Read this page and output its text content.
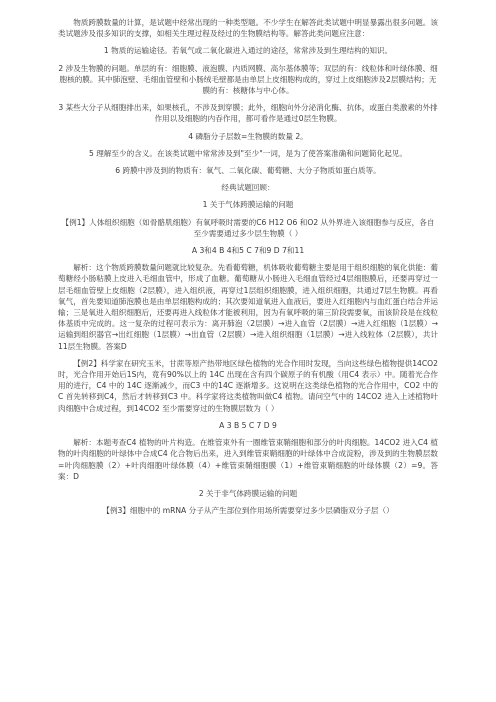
物质跨膜数量的计算，是试题中经常出现的一种类型题。不少学生在解答此类试题中明显暴露出很多问题。该类试题涉及很多知识的支撑，如相关生理过程及经过的生物膜结构等。解答此类问题应注意：

1 物质的运输途径。若氧气或二氧化碳进入通过的途径，常常涉及到生理结构的知识。

2 涉及生物膜的问题。单层的有：细胞膜、液泡膜、内质网膜、高尔基体膜等；双层的有：线粒体和叶绿体膜、细胞核的膜。其中肺泡壁、毛细血管壁和小肠绒毛壁都是由单层上皮细胞构成的，穿过上皮细胞涉及2层膜结构；无膜的有：核糖体与中心体。

3 某些大分子从细胞排出来，如果核孔，不涉及到穿膜；此外，细胞向外分泌消化酶、抗体，或蛋白类激素的外排作用以及细胞的内吞作用，都可看作是通过0层生物膜。

4 磷脂分子层数=生物膜的数量 2。

5 理解至少的含义。在该类试题中常常涉及到"至少"一词，是为了使答案准确和问题简化起见。

6 跨膜中涉及到的物质有：氧气、二氧化碳、葡萄糖、大分子物质如蛋白质等。

经典试题回顾：

1 关于气体跨膜运输的问题

【例1】人体组织细胞（如骨骼肌细胞）有氧呼吸时需要的C6 H12 O6 和O2 从外界进入该细胞参与反应，各自至少需要通过多少层生物膜（ ）

A 3和4 B 4和5 C 7和9 D 7和11

解析：这个物质跨膜数量问题就比较复杂。先看葡萄糖，机体吸收葡萄糖主要是用于组织细胞的氧化供能：葡萄糖经小肠粘膜上皮进入毛细血管中，形成了血糖。葡萄糖从小肠进入毛细血管经过4层细胞膜后，还要再穿过一层毛细血管壁上皮细胞（2层膜），进入组织液，再穿过1层组织细胞膜，进入组织细胞，共通过7层生物膜。再看氧气，首先要知道肺泡膜也是由单层细胞构成的；其次要知道氧进入血液后，要进入红细胞内与血红蛋白结合并运输；三是氧进入组织细胞后，还要再进入线粒体才能被利用，因为有氧呼吸的第三阶段需要氧，而该阶段是在线粒体基质中完成的。这一复杂的过程可表示为：离开肺泡（2层膜）→进入血管（2层膜）→进入红细胞（1层膜）→运输到组织器官→出红细胞（1层膜）→出血管（2层膜）→进入组织细胞（1层膜）→进入线粒体（2层膜），共计 11层生物膜。答案D

【例2】科学家在研究玉米，甘蔗等原产热带地区绿色植物的光合作用时发现，当向这些绿色植物提供14CO2时，光合作用开始后1S内，竟有90%以上的 14C 出现在含有四个碳原子的有机酸（用C4 表示）中。随着光合作用的进行，C4 中的 14C 逐渐减少，而C3 中的14C 逐渐增多。这说明在这类绿色植物的光合作用中，CO2 中的C 首先转移到C4，然后才转移到C3 中。科学家将这类植物叫做C4 植物。请问空气中的 14CO2 进入上述植物叶肉细胞中合成过程，到14CO2 至少需要穿过的生物膜层数为（ ）

A 3 B 5 C 7 D 9

解析：本题考查C4 植物的叶片构造。在维管束外有一圈维管束鞘细胞和部分的叶肉细胞。14CO2 进入C4 植物的叶肉细胞的叶绿体中合成C4 化合物后出来，进入到维管束鞘细胞的叶绿体中合成淀粉，涉及到的生物膜层数=叶肉细胞膜（2）+叶肉细胞叶绿体膜（4）+维管束鞘细胞膜（1）+维管束鞘细胞的叶绿体膜（2）=9。答案：D

2 关于非气体跨膜运输的问题

【例3】细胞中的 mRNA 分子从产生部位到作用场所需要穿过多少层磷脂双分子层（）
